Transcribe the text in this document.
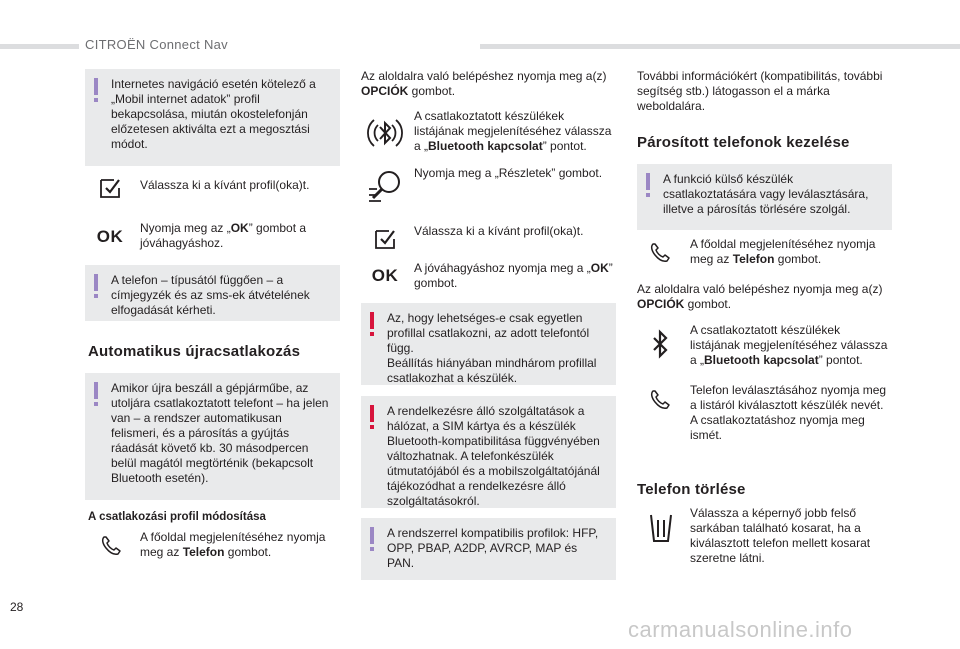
CITROËN Connect Nav
Internetes navigáció esetén kötelező a „Mobil internet adatok” profil bekapcsolása, miután okostelefonján előzetesen aktiválta ezt a megosztási módot.
Válassza ki a kívánt profil(oka)t.
OK	Nyomja meg az „OK” gombot a jóváhagyáshoz.
A telefon – típusától függően – a címjegyzék és az sms-ek átvételének elfogadását kérheti.
Automatikus újracsatlakozás
Amikor újra beszáll a gépjárműbe, az utoljára csatlakoztatott telefont – ha jelen van – a rendszer automatikusan felismeri, és a párosítás a gyújtás ráadását követő kb. 30 másodpercen belül magától megtörténik (bekapcsolt Bluetooth esetén).
A csatlakozási profil módosítása
A főoldal megjelenítéséhez nyomja meg az Telefon gombot.
Az aloldalra való belépéshez nyomja meg a(z) OPCIÓK gombot.
A csatlakoztatott készülékek listájának megjelenítéséhez válassza a „Bluetooth kapcsolat” pontot.
Nyomja meg a „Részletek” gombot.
Válassza ki a kívánt profil(oka)t.
OK	A jóváhagyáshoz nyomja meg a „OK” gombot.
Az, hogy lehetséges-e csak egyetlen profillal csatlakozni, az adott telefontól függ.
Beállítás hiányában mindhárom profillal csatlakozhat a készülék.
A rendelkezésre álló szolgáltatások a hálózat, a SIM kártya és a készülék Bluetooth-kompatibilitása függvényében változhatnak. A telefonkészülék útmutatójából és a mobilszolgáltatójánál tájékozódhat a rendelkezésre álló szolgáltatásokról.
A rendszerrel kompatibilis profilok: HFP, OPP, PBAP, A2DP, AVRCP, MAP és PAN.
További információkért (kompatibilitás, további segítség stb.) látogasson el a márka weboldalára.
Párosított telefonok kezelése
A funkció külső készülék csatlakoztatására vagy leválasztására, illetve a párosítás törlésére szolgál.
A főoldal megjelenítéséhez nyomja meg az Telefon gombot.
Az aloldalra való belépéshez nyomja meg a(z) OPCIÓK gombot.
A csatlakoztatott készülékek listájának megjelenítéséhez válassza a „Bluetooth kapcsolat” pontot.
Telefon leválasztásához nyomja meg a listáról kiválasztott készülék nevét.
A csatlakoztatáshoz nyomja meg ismét.
Telefon törlése
Válassza a képernyő jobb felső sarkában található kosarat, ha a kiválasztott telefon mellett kosarat szeretne látni.
28
carmanualsonline.info
